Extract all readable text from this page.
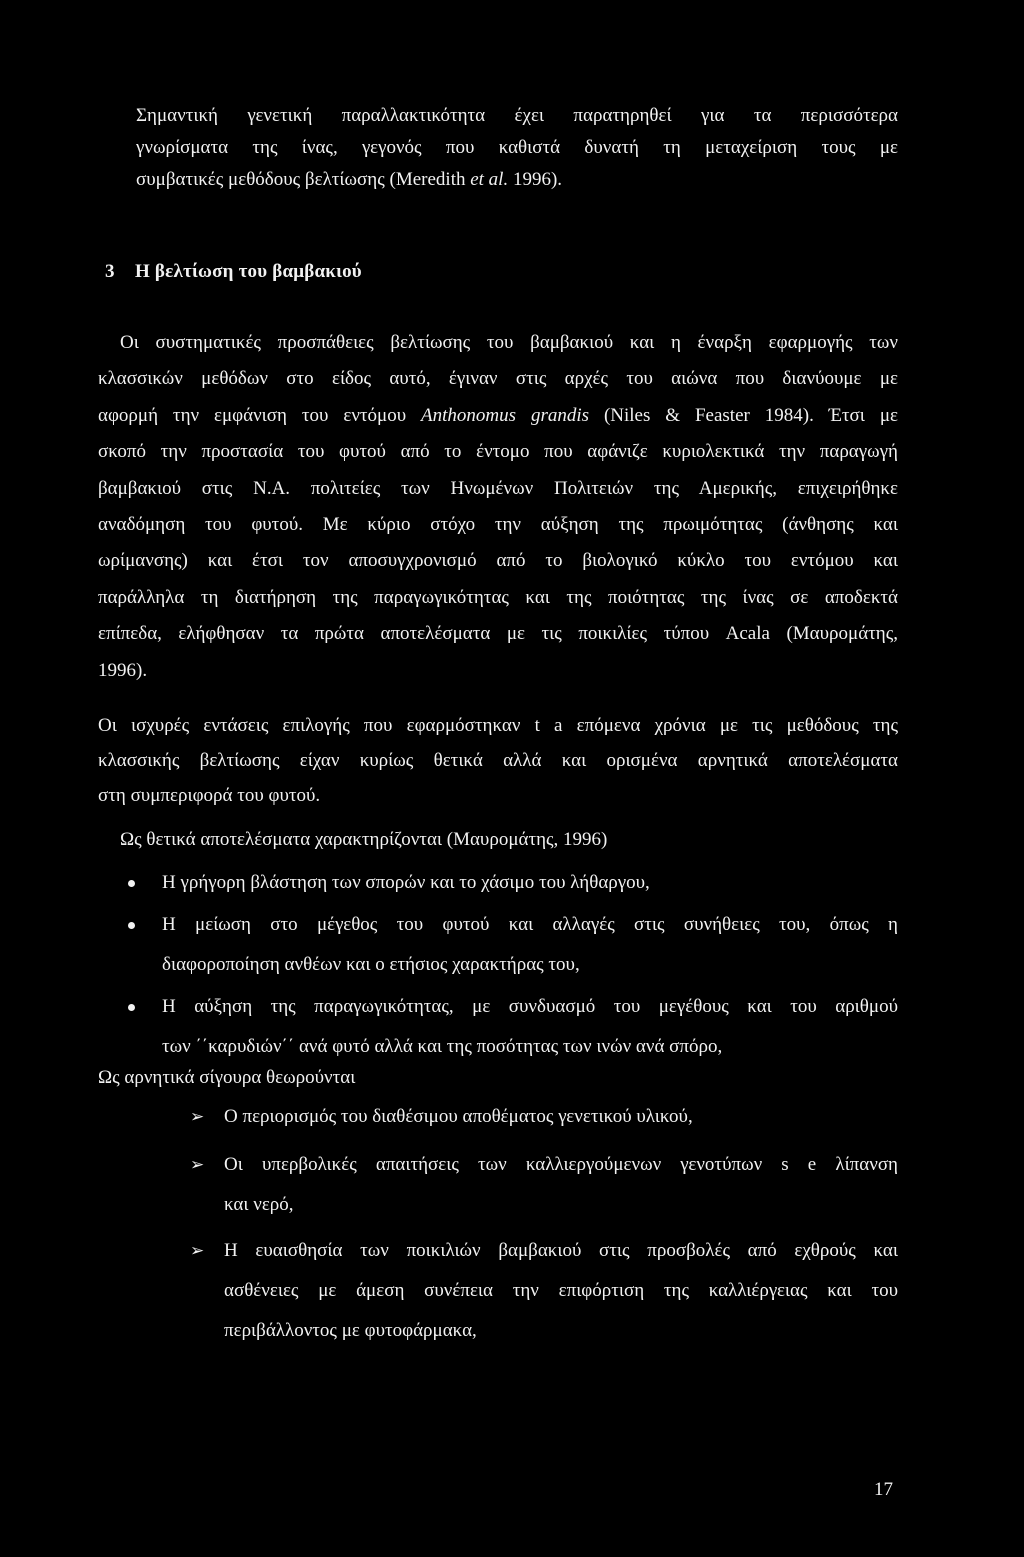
Σημαντική γενετική παραλλακτικότητα έχει παρατηρηθεί για τα περισσότερα
γνωρίσματα της ίνας, γεγονός που καθιστά δυνατή τη μεταχείριση τους με
συμβατικές μεθόδους βελτίωσης (Meredith et al. 1996).
3 Η βελτίωση του βαμβακιού
Οι συστηματικές προσπάθειες βελτίωσης του βαμβακιού και η έναρξη εφαρμογής των
κλασσικών μεθόδων στο είδος αυτό, έγιναν στις αρχές του αιώνα που διανύουμε με
αφορμή την εμφάνιση του εντόμου Anthonomus grandis (Niles & Feaster 1984). Έτσι με
σκοπό την προστασία του φυτού από το έντομο που αφάνιζε κυριολεκτικά την παραγωγή
βαμβακιού στις Ν.Α. πολιτείες των Ηνωμένων Πολιτειών της Αμερικής, επιχειρήθηκε
αναδόμηση του φυτού. Με κύριο στόχο την αύξηση της πρωιμότητας (άνθησης και
ωρίμανσης) και έτσι τον αποσυγχρονισμό από το βιολογικό κύκλο του εντόμου και
παράλληλα τη διατήρηση της παραγωγικότητας και της ποιότητας της ίνας σε αποδεκτά
επίπεδα, ελήφθησαν τα πρώτα αποτελέσματα με τις ποικιλίες τύπου Acala (Μαυρομάτης,
1996).
Οι ισχυρές εντάσεις επιλογής που εφαρμόστηκαν t a επόμενα χρόνια με τις μεθόδους της
κλασσικής βελτίωσης είχαν κυρίως θετικά αλλά και ορισμένα αρνητικά αποτελέσματα
στη συμπεριφορά του φυτού.

Ως θετικά αποτελέσματα χαρακτηρίζονται (Μαυρομάτης, 1996)

Η γρήγορη βλάστηση των σπορών και το χάσιμο του λήθαργου,
Η μείωση στο μέγεθος του φυτού και αλλαγές στις συνήθειες του, όπως η
διαφοροποίηση ανθέων και ο ετήσιος χαρακτήρας του,
Η αύξηση της παραγωγικότητας, με συνδυασμό του μεγέθους και του αριθμού
των ΄΄καρυδιών΄΄ ανά φυτό αλλά και της ποσότητας των ινών ανά σπόρο,

Ως αρνητικά σίγουρα θεωρούνται

➢ Ο περιορισμός του διαθέσιμου αποθέματος γενετικού υλικού,
➢ Οι υπερβολικές απαιτήσεις των καλλιεργούμενων γενοτύπων s e λίπανση
και νερό,
➢ Η ευαισθησία των ποικιλιών βαμβακιού στις προσβολές από εχθρούς και
ασθένειες με άμεση συνέπεια την επιφόρτιση της καλλιέργειας και του
περιβάλλοντος με φυτοφάρμακα,
17
